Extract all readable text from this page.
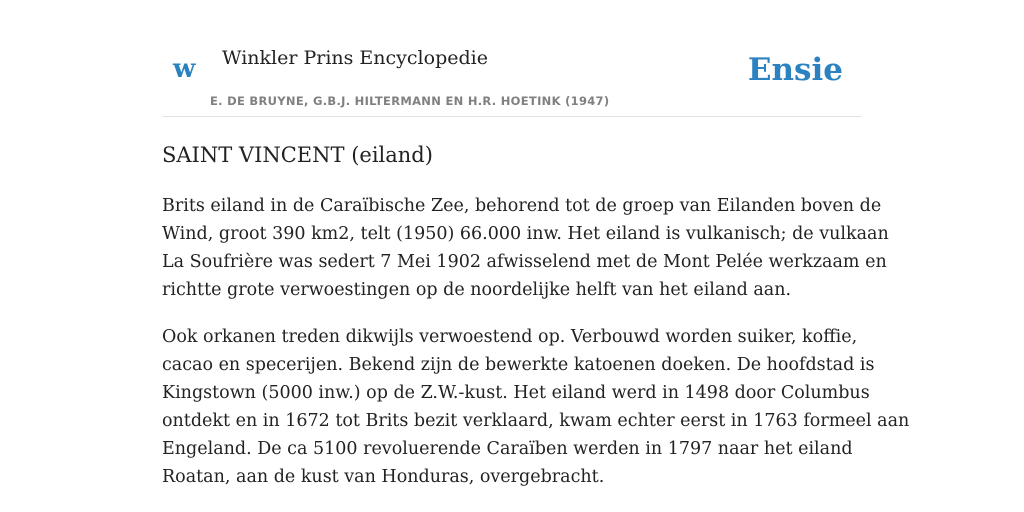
w Winkler Prins Encyclopedie	Ensie
E. DE BRUYNE, G.B.J. HILTERMANN EN H.R. HOETINK (1947)
SAINT VINCENT (eiland)

Brits eiland in de Caraïbische Zee, behorend tot de groep van Eilanden boven de
Wind, groot 390 km2, telt (1950) 66.000 inw. Het eiland is vulkanisch; de vulkaan
La Soufrière was sedert 7 Mei 1902 afwisselend met de Mont Pelée werkzaam en
richtte grote verwoestingen op de noordelijke helft van het eiland aan.

Ook orkanen treden dikwijls verwoestend op. Verbouwd worden suiker, koffie,
cacao en specerijen. Bekend zijn de bewerkte katoenen doeken. De hoofdstad is
Kingstown (5000 inw.) op de Z.W.-kust. Het eiland werd in 1498 door Columbus
ontdekt en in 1672 tot Brits bezit verklaard, kwam echter eerst in 1763 formeel aan
Engeland. De ca 5100 revoluerende Caraïben werden in 1797 naar het eiland
Roatan, aan de kust van Honduras, overgebracht.
